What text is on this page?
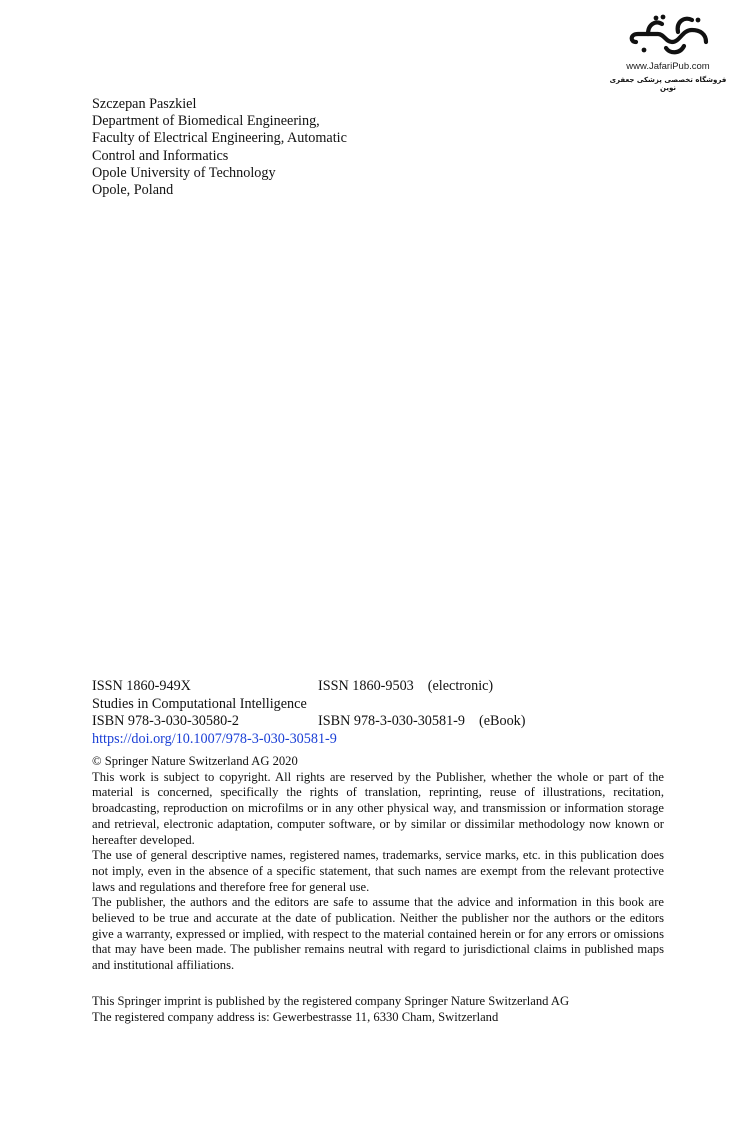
www.JafariPub.com
فروشگاه تخصصی پزشکی جعفری نوین
Szczepan Paszkiel
Department of Biomedical Engineering,
Faculty of Electrical Engineering, Automatic
Control and Informatics
Opole University of Technology
Opole, Poland
ISSN 1860-949X	ISSN 1860-9503 (electronic)
Studies in Computational Intelligence
ISBN 978-3-030-30580-2	ISBN 978-3-030-30581-9 (eBook)
https://doi.org/10.1007/978-3-030-30581-9

© Springer Nature Switzerland AG 2020

This work is subject to copyright. All rights are reserved by the Publisher, whether the whole or part of the material is concerned, specifically the rights of translation, reprinting, reuse of illustrations, recitation, broadcasting, reproduction on microfilms or in any other physical way, and transmission or information storage and retrieval, electronic adaptation, computer software, or by similar or dissimilar methodology now known or hereafter developed.

The use of general descriptive names, registered names, trademarks, service marks, etc. in this publication does not imply, even in the absence of a specific statement, that such names are exempt from the relevant protective laws and regulations and therefore free for general use.

The publisher, the authors and the editors are safe to assume that the advice and information in this book are believed to be true and accurate at the date of publication. Neither the publisher nor the authors or the editors give a warranty, expressed or implied, with respect to the material contained herein or for any errors or omissions that may have been made. The publisher remains neutral with regard to jurisdictional claims in published maps and institutional affiliations.

This Springer imprint is published by the registered company Springer Nature Switzerland AG
The registered company address is: Gewerbestrasse 11, 6330 Cham, Switzerland
